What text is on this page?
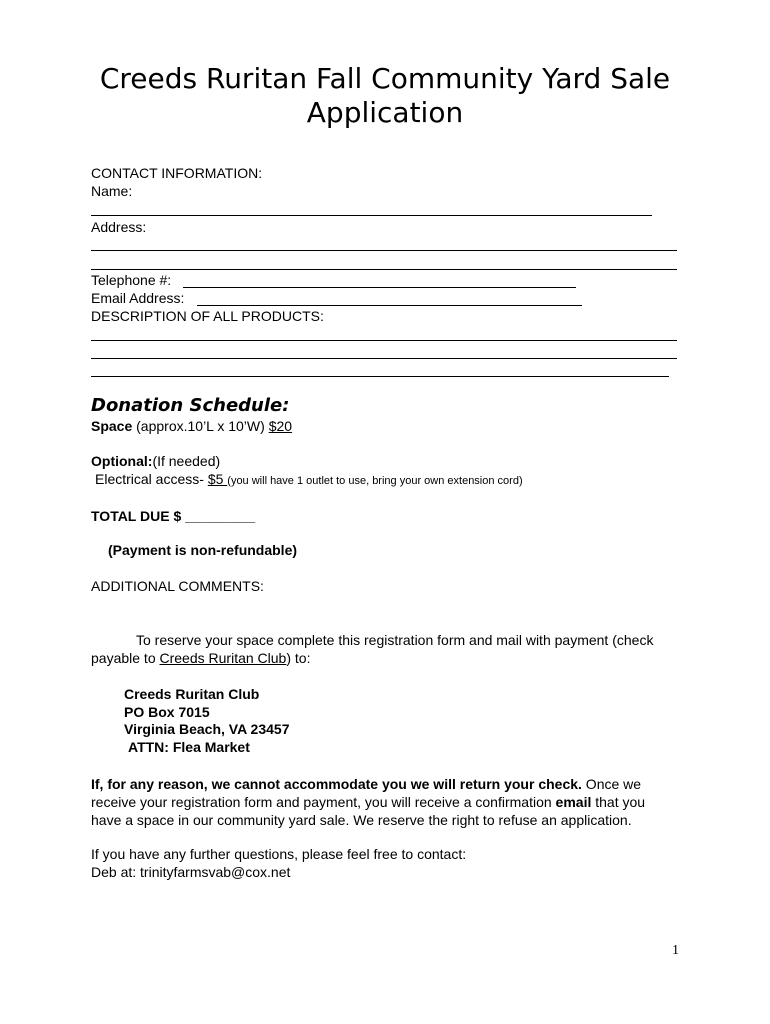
Creeds Ruritan Fall Community Yard Sale
Application
CONTACT INFORMATION:
Name:
Address:
Telephone #:
Email Address:
DESCRIPTION OF ALL PRODUCTS:
Donation Schedule:
Space (approx.10’L x 10’W) $20
Optional:(If needed)
Electrical access- $5 (you will have 1 outlet to use, bring your own extension cord)
TOTAL DUE $ _________
(Payment is non-refundable)
ADDITIONAL COMMENTS:
To reserve your space complete this registration form and mail with payment (check payable to Creeds Ruritan Club) to:
Creeds Ruritan Club
PO Box 7015
Virginia Beach, VA 23457
ATTN: Flea Market
If, for any reason, we cannot accommodate you we will return your check. Once we receive your registration form and payment, you will receive a confirmation email that you have a space in our community yard sale. We reserve the right to refuse an application.
If you have any further questions, please feel free to contact:
Deb at: trinityfarmsvab@cox.net
1
